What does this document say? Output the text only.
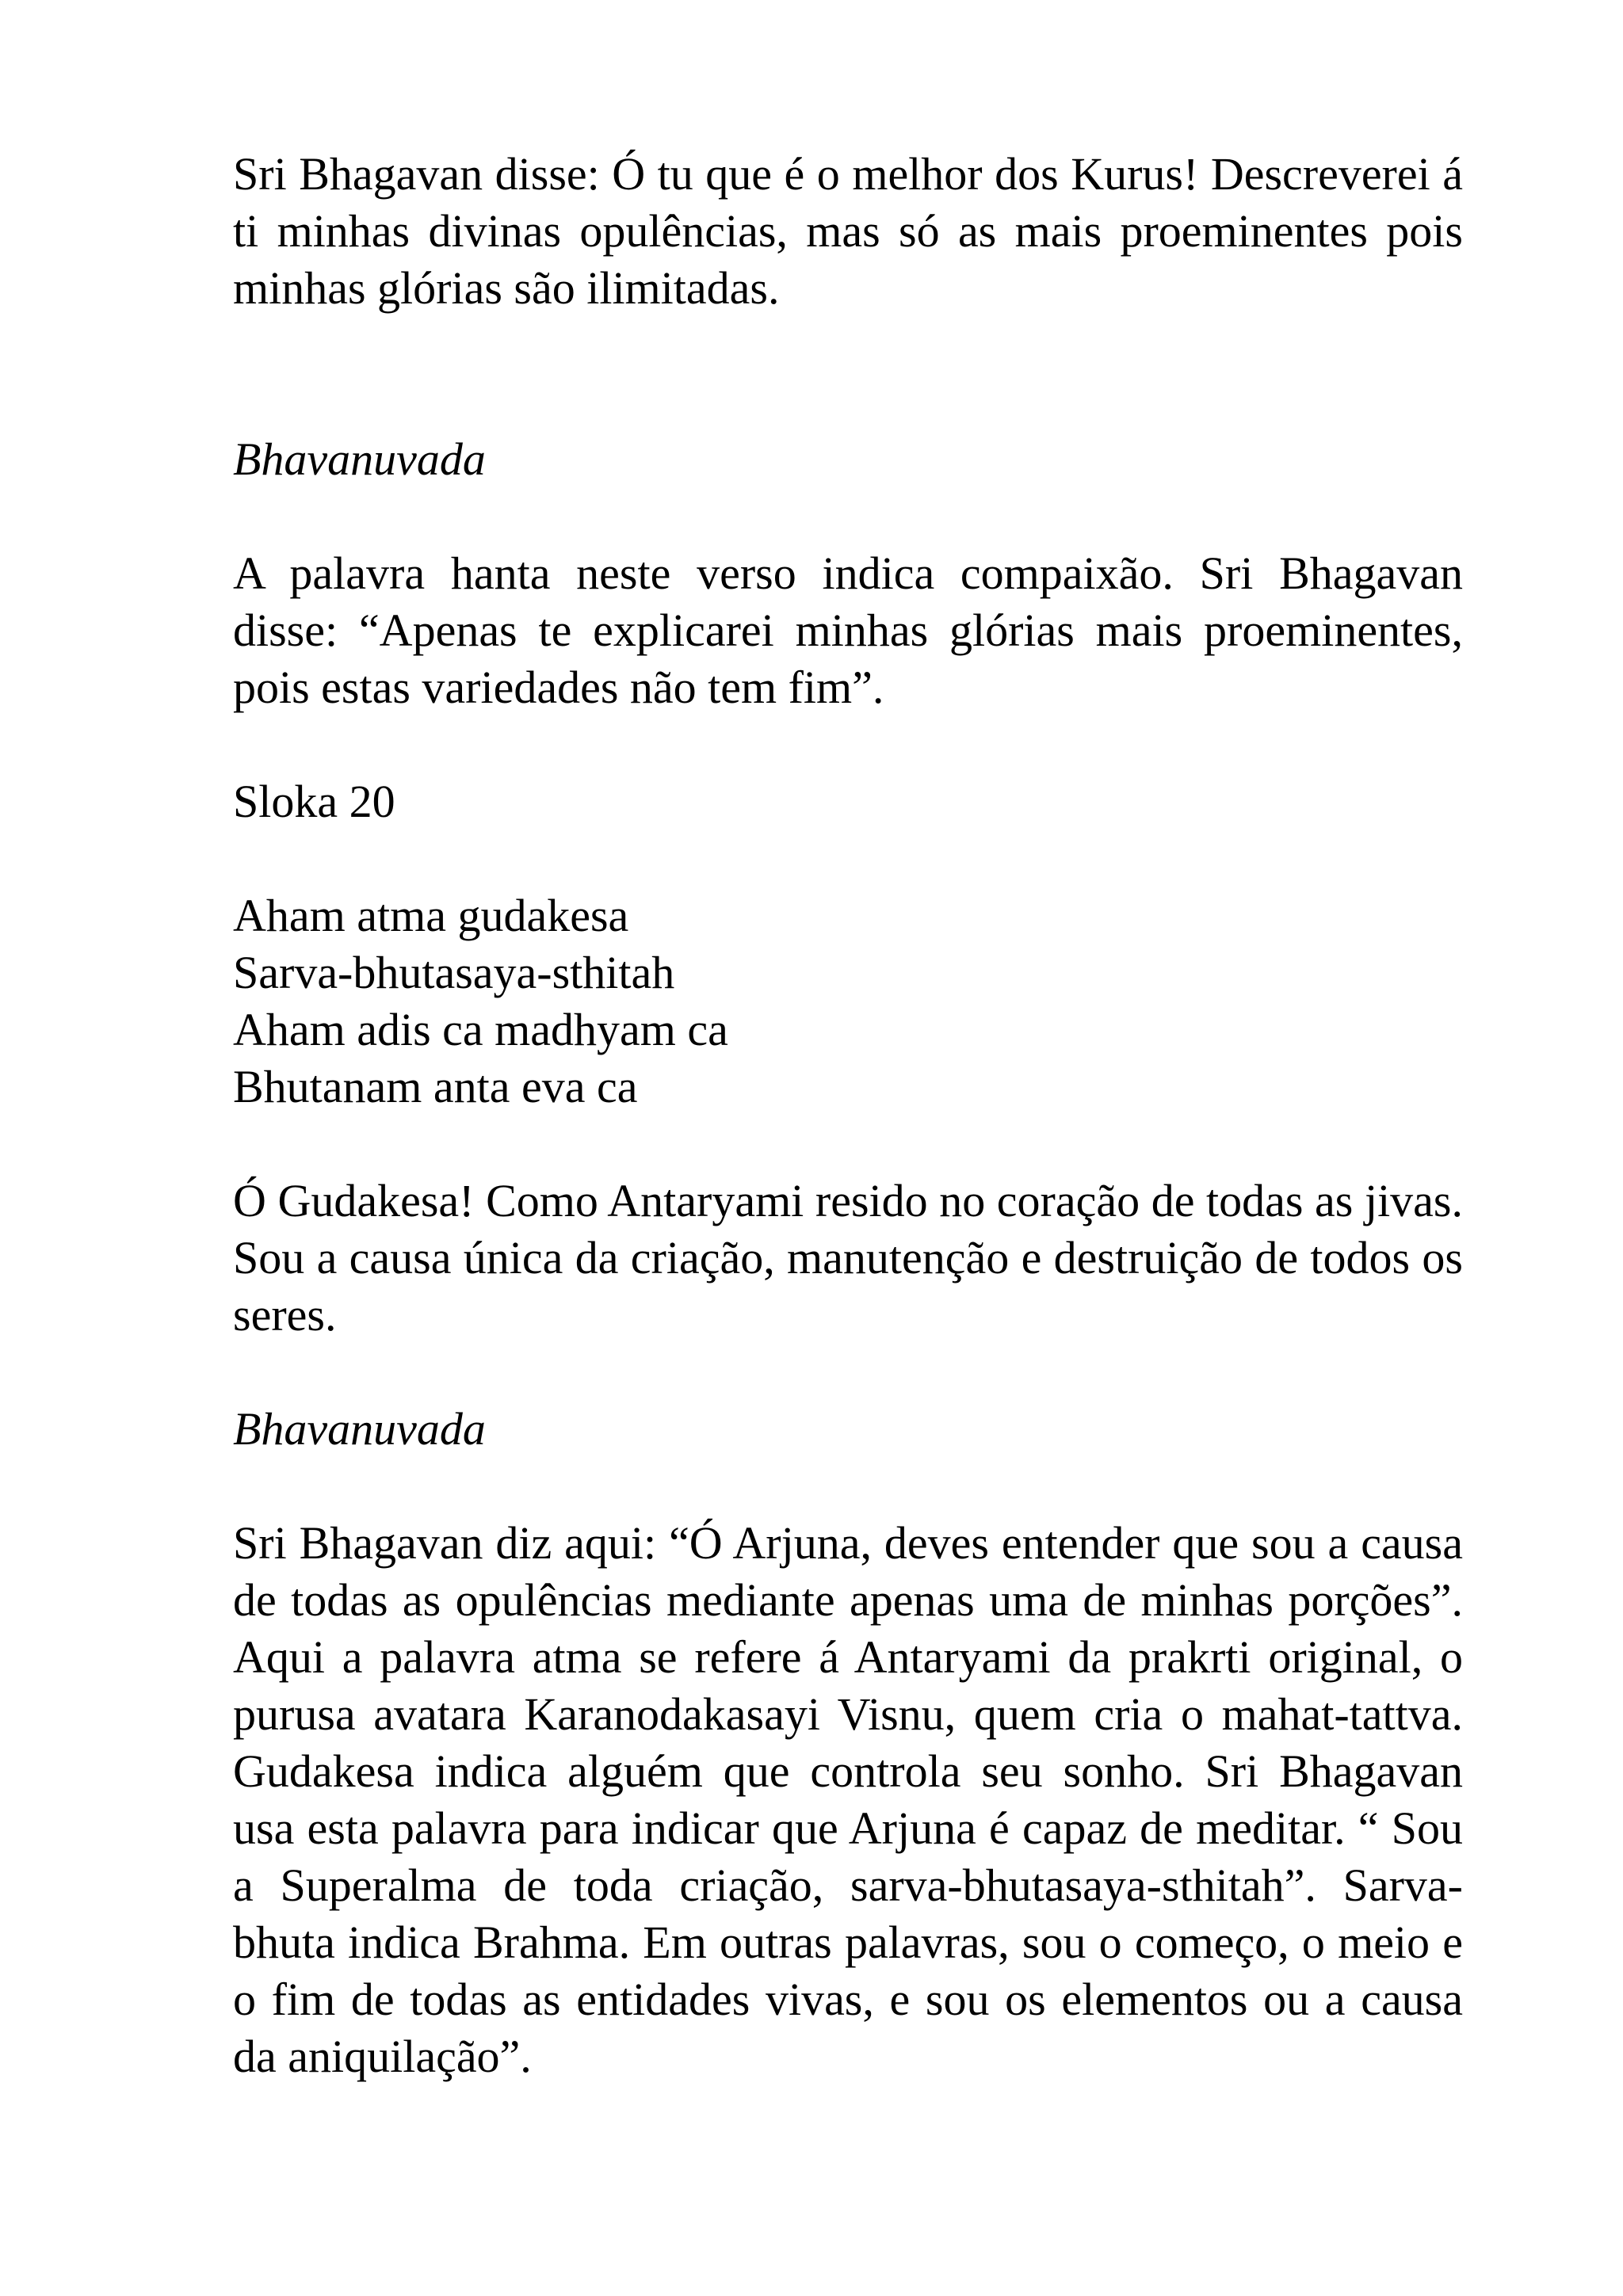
Sri Bhagavan disse: Ó tu que é o melhor dos Kurus! Descreverei á ti minhas divinas opulências, mas só as mais proeminentes pois minhas glórias são ilimitadas.

Bhavanuvada

A palavra hanta neste verso indica compaixão. Sri Bhagavan disse: “Apenas te explicarei minhas glórias mais proeminentes, pois estas variedades não tem fim”.

Sloka 20

Aham atma gudakesa

Sarva-bhutasaya-sthitah

Aham adis ca madhyam ca

Bhutanam anta eva ca

Ó Gudakesa! Como Antaryami resido no coração de todas as jivas. Sou a causa única da criação, manutenção e destruição de todos os seres.

Bhavanuvada

Sri Bhagavan diz aqui: “Ó Arjuna, deves entender que sou a causa de todas as opulências mediante apenas uma de minhas porções”. Aqui a palavra atma se refere á Antaryami da prakrti original, o purusa avatara Karanodakasayi Visnu, quem cria o mahat-tattva. Gudakesa indica alguém que controla seu sonho. Sri Bhagavan usa esta palavra para indicar que Arjuna é capaz de meditar. “ Sou a Superalma de toda criação, sarva-bhutasaya-sthitah”. Sarva-bhuta indica Brahma. Em outras palavras, sou o começo, o meio e o fim de todas as entidades vivas, e sou os elementos ou a causa da aniquilação”.
